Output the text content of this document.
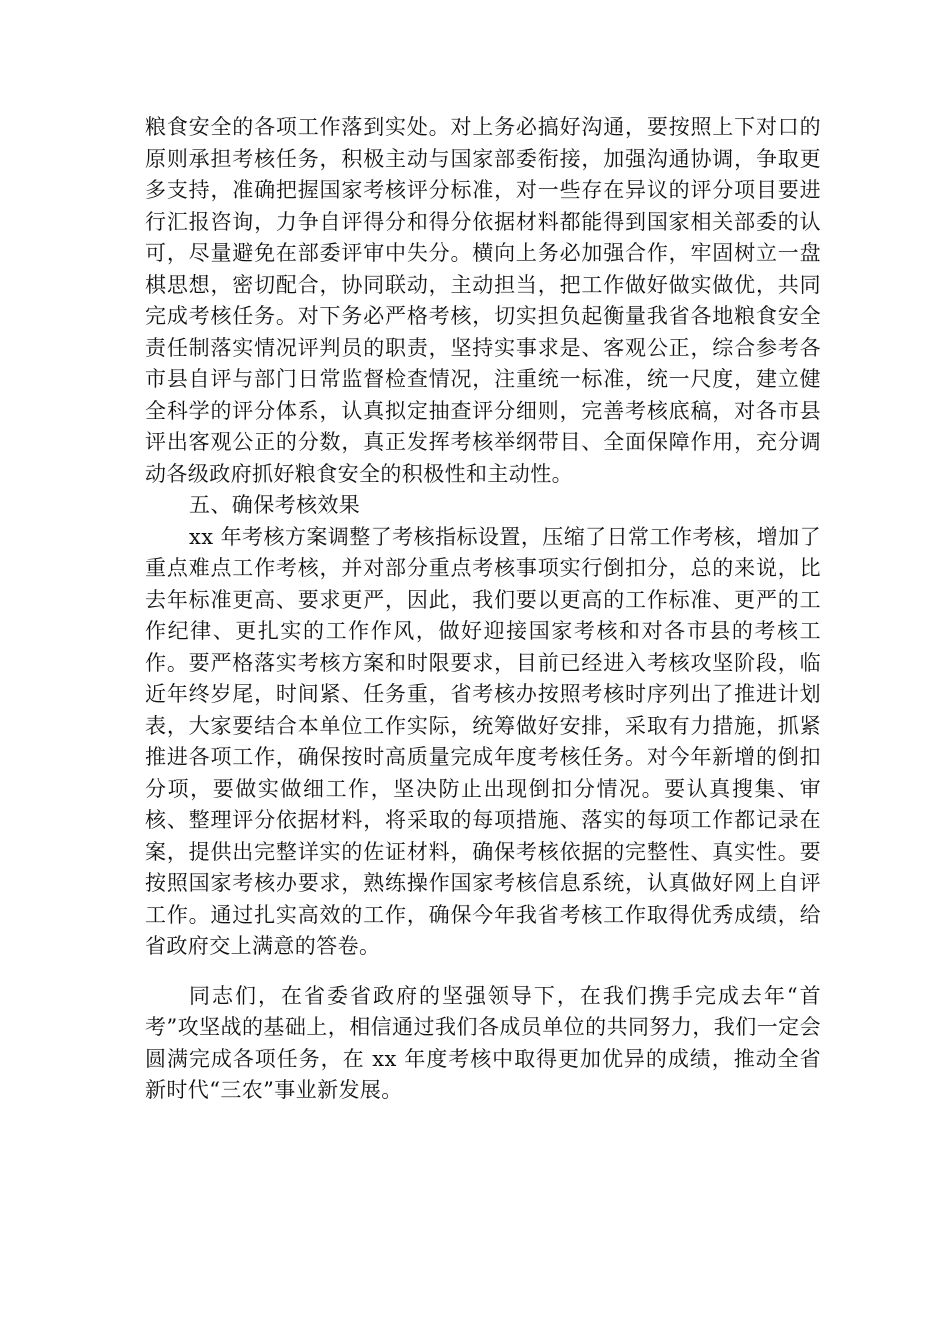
粮食安全的各项工作落到实处。对上务必搞好沟通，要按照上下对口的原则承担考核任务，积极主动与国家部委衔接，加强沟通协调，争取更多支持，准确把握国家考核评分标准，对一些存在异议的评分项目要进行汇报咨询，力争自评得分和得分依据材料都能得到国家相关部委的认可，尽量避免在部委评审中失分。横向上务必加强合作，牢固树立一盘棋思想，密切配合，协同联动，主动担当，把工作做好做实做优，共同完成考核任务。对下务必严格考核，切实担负起衡量我省各地粮食安全责任制落实情况评判员的职责，坚持实事求是、客观公正，综合参考各市县自评与部门日常监督检查情况，注重统一标准，统一尺度，建立健全科学的评分体系，认真拟定抽查评分细则，完善考核底稿，对各市县评出客观公正的分数，真正发挥考核举纲带目、全面保障作用，充分调动各级政府抓好粮食安全的积极性和主动性。

五、确保考核效果

xx 年考核方案调整了考核指标设置，压缩了日常工作考核，增加了重点难点工作考核，并对部分重点考核事项实行倒扣分，总的来说，比去年标准更高、要求更严，因此，我们要以更高的工作标准、更严的工作纪律、更扎实的工作作风，做好迎接国家考核和对各市县的考核工作。要严格落实考核方案和时限要求，目前已经进入考核攻坚阶段，临近年终岁尾，时间紧、任务重，省考核办按照考核时序列出了推进计划表，大家要结合本单位工作实际，统筹做好安排，采取有力措施，抓紧推进各项工作，确保按时高质量完成年度考核任务。对今年新增的倒扣分项，要做实做细工作，坚决防止出现倒扣分情况。要认真搜集、审核、整理评分依据材料，将采取的每项措施、落实的每项工作都记录在案，提供出完整详实的佐证材料，确保考核依据的完整性、真实性。要按照国家考核办要求，熟练操作国家考核信息系统，认真做好网上自评工作。通过扎实高效的工作，确保今年我省考核工作取得优秀成绩，给省政府交上满意的答卷。

同志们，在省委省政府的坚强领导下，在我们携手完成去年“首考”攻坚战的基础上，相信通过我们各成员单位的共同努力，我们一定会圆满完成各项任务，在 xx 年度考核中取得更加优异的成绩，推动全省新时代“三农”事业新发展。
